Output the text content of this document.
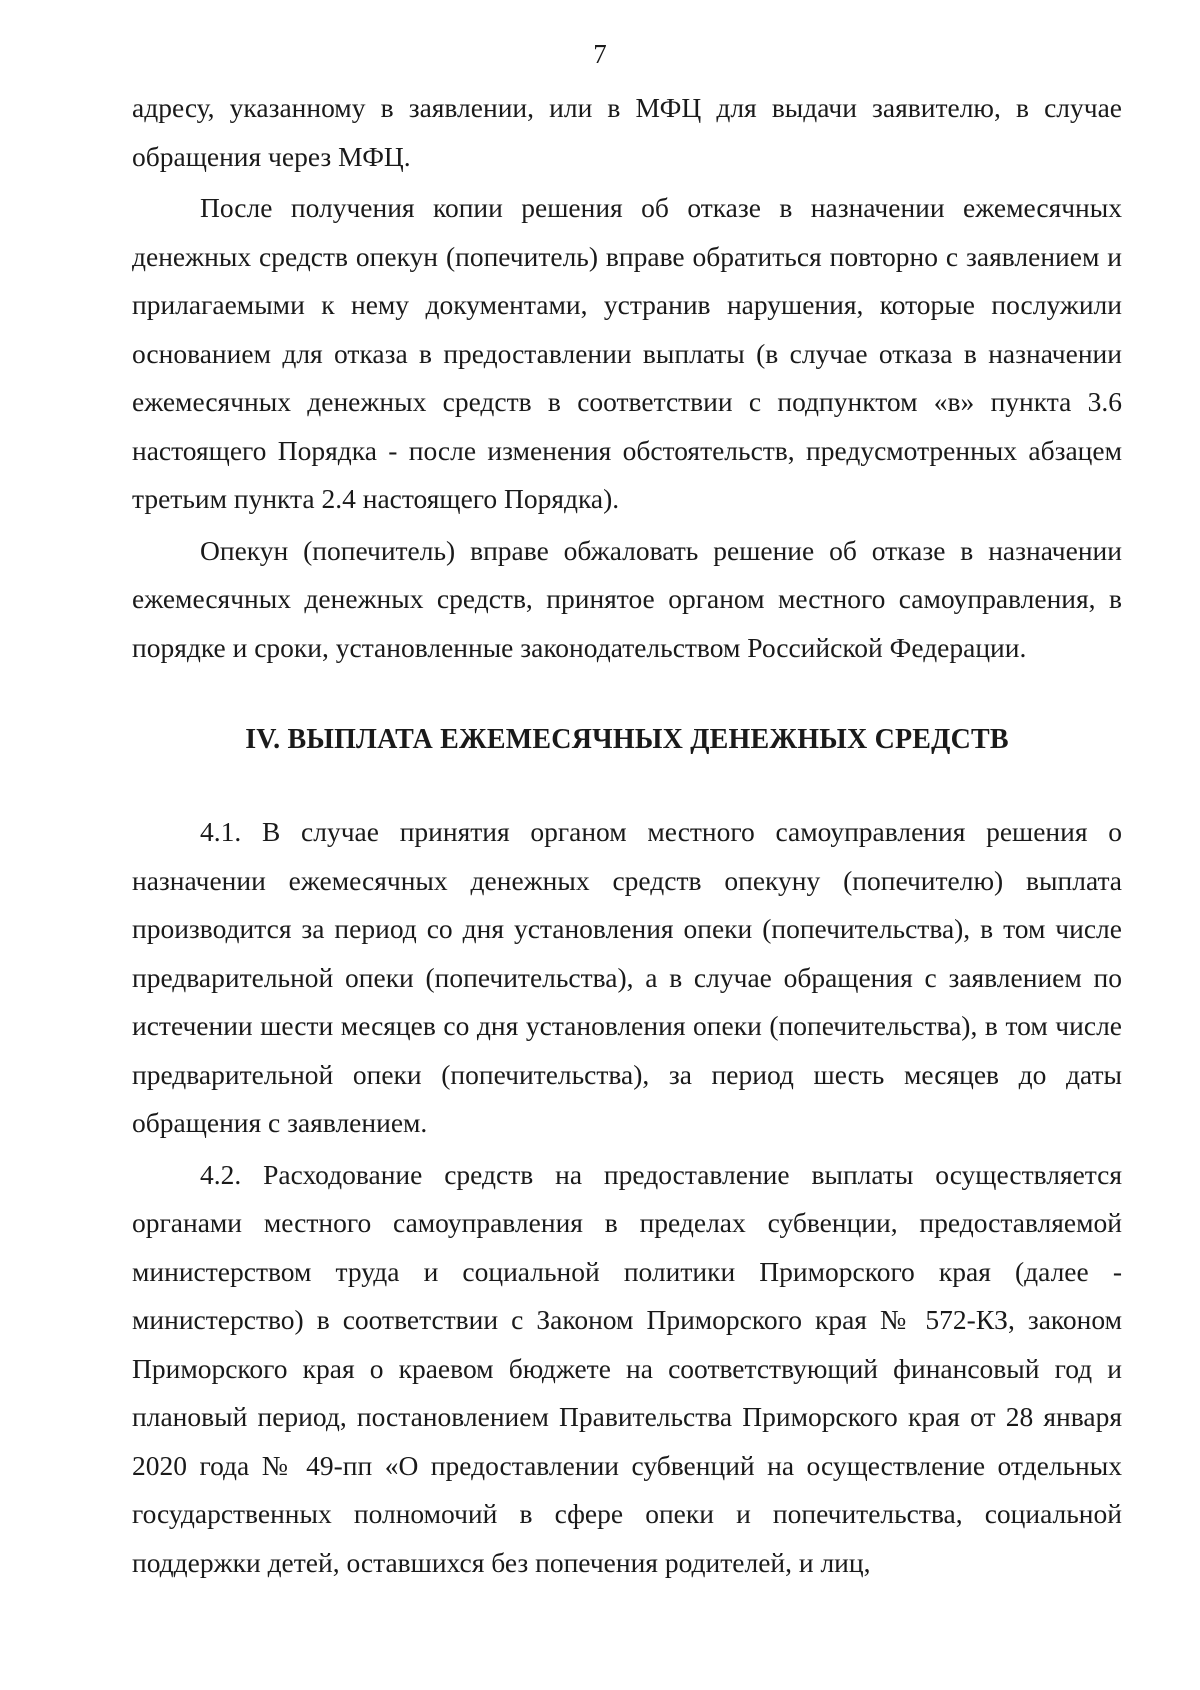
7

адресу, указанному в заявлении, или в МФЦ для выдачи заявителю, в случае обращения через МФЦ.

После получения копии решения об отказе в назначении ежемесячных денежных средств опекун (попечитель) вправе обратиться повторно с заявлением и прилагаемыми к нему документами, устранив нарушения, которые послужили основанием для отказа в предоставлении выплаты (в случае отказа в назначении ежемесячных денежных средств в соответствии с подпунктом «в» пункта 3.6 настоящего Порядка - после изменения обстоятельств, предусмотренных абзацем третьим пункта 2.4 настоящего Порядка).

Опекун (попечитель) вправе обжаловать решение об отказе в назначении ежемесячных денежных средств, принятое органом местного самоуправления, в порядке и сроки, установленные законодательством Российской Федерации.

IV. ВЫПЛАТА ЕЖЕМЕСЯЧНЫХ ДЕНЕЖНЫХ СРЕДСТВ

4.1. В случае принятия органом местного самоуправления решения о назначении ежемесячных денежных средств опекуну (попечителю) выплата производится за период со дня установления опеки (попечительства), в том числе предварительной опеки (попечительства), а в случае обращения с заявлением по истечении шести месяцев со дня установления опеки (попечительства), в том числе предварительной опеки (попечительства), за период шесть месяцев до даты обращения с заявлением.

4.2. Расходование средств на предоставление выплаты осуществляется органами местного самоуправления в пределах субвенции, предоставляемой министерством труда и социальной политики Приморского края (далее - министерство) в соответствии с Законом Приморского края № 572-КЗ, законом Приморского края о краевом бюджете на соответствующий финансовый год и плановый период, постановлением Правительства Приморского края от 28 января 2020 года № 49-пп «О предоставлении субвенций на осуществление отдельных государственных полномочий в сфере опеки и попечительства, социальной поддержки детей, оставшихся без попечения родителей, и лиц,
